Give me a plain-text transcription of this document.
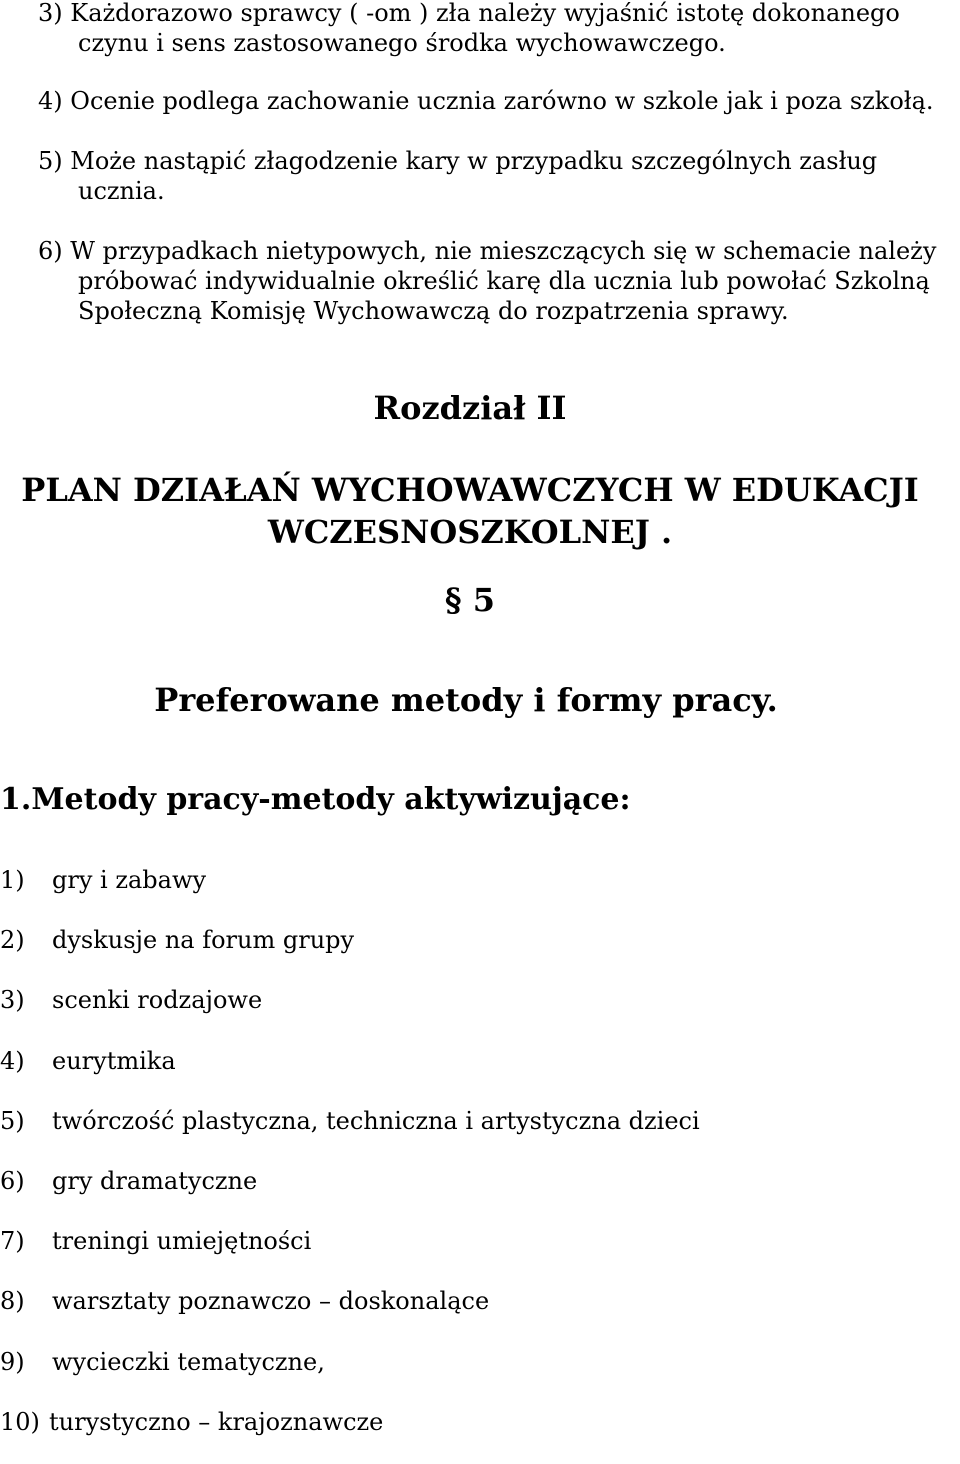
3) Każdorazowo sprawcy ( -om ) zła należy wyjaśnić istotę dokonanego
czynu i sens zastosowanego środka wychowawczego.
4) Ocenie podlega zachowanie ucznia zarówno w szkole jak i poza szkołą.
5) Może nastąpić złagodzenie kary w przypadku szczególnych zasług
ucznia.
6) W przypadkach nietypowych, nie mieszczących się w schemacie należy
próbować indywidualnie określić karę dla ucznia lub powołać Szkolną
Społeczną Komisję Wychowawczą do rozpatrzenia sprawy.
Rozdział II
PLAN DZIAŁAŃ WYCHOWAWCZYCH W EDUKACJI
WCZESNOSZKOLNEJ .
§ 5
Preferowane metody i formy pracy.
1.Metody pracy-metody aktywizujące:
1)	gry i zabawy
2)	dyskusje na forum grupy
3)	scenki rodzajowe
4)	eurytmika
5)	twórczość plastyczna, techniczna i artystyczna dzieci
6)	gry dramatyczne
7)	treningi umiejętności
8)	warsztaty poznawczo – doskonalące
9)	wycieczki tematyczne,
10) turystyczno – krajoznawcze
